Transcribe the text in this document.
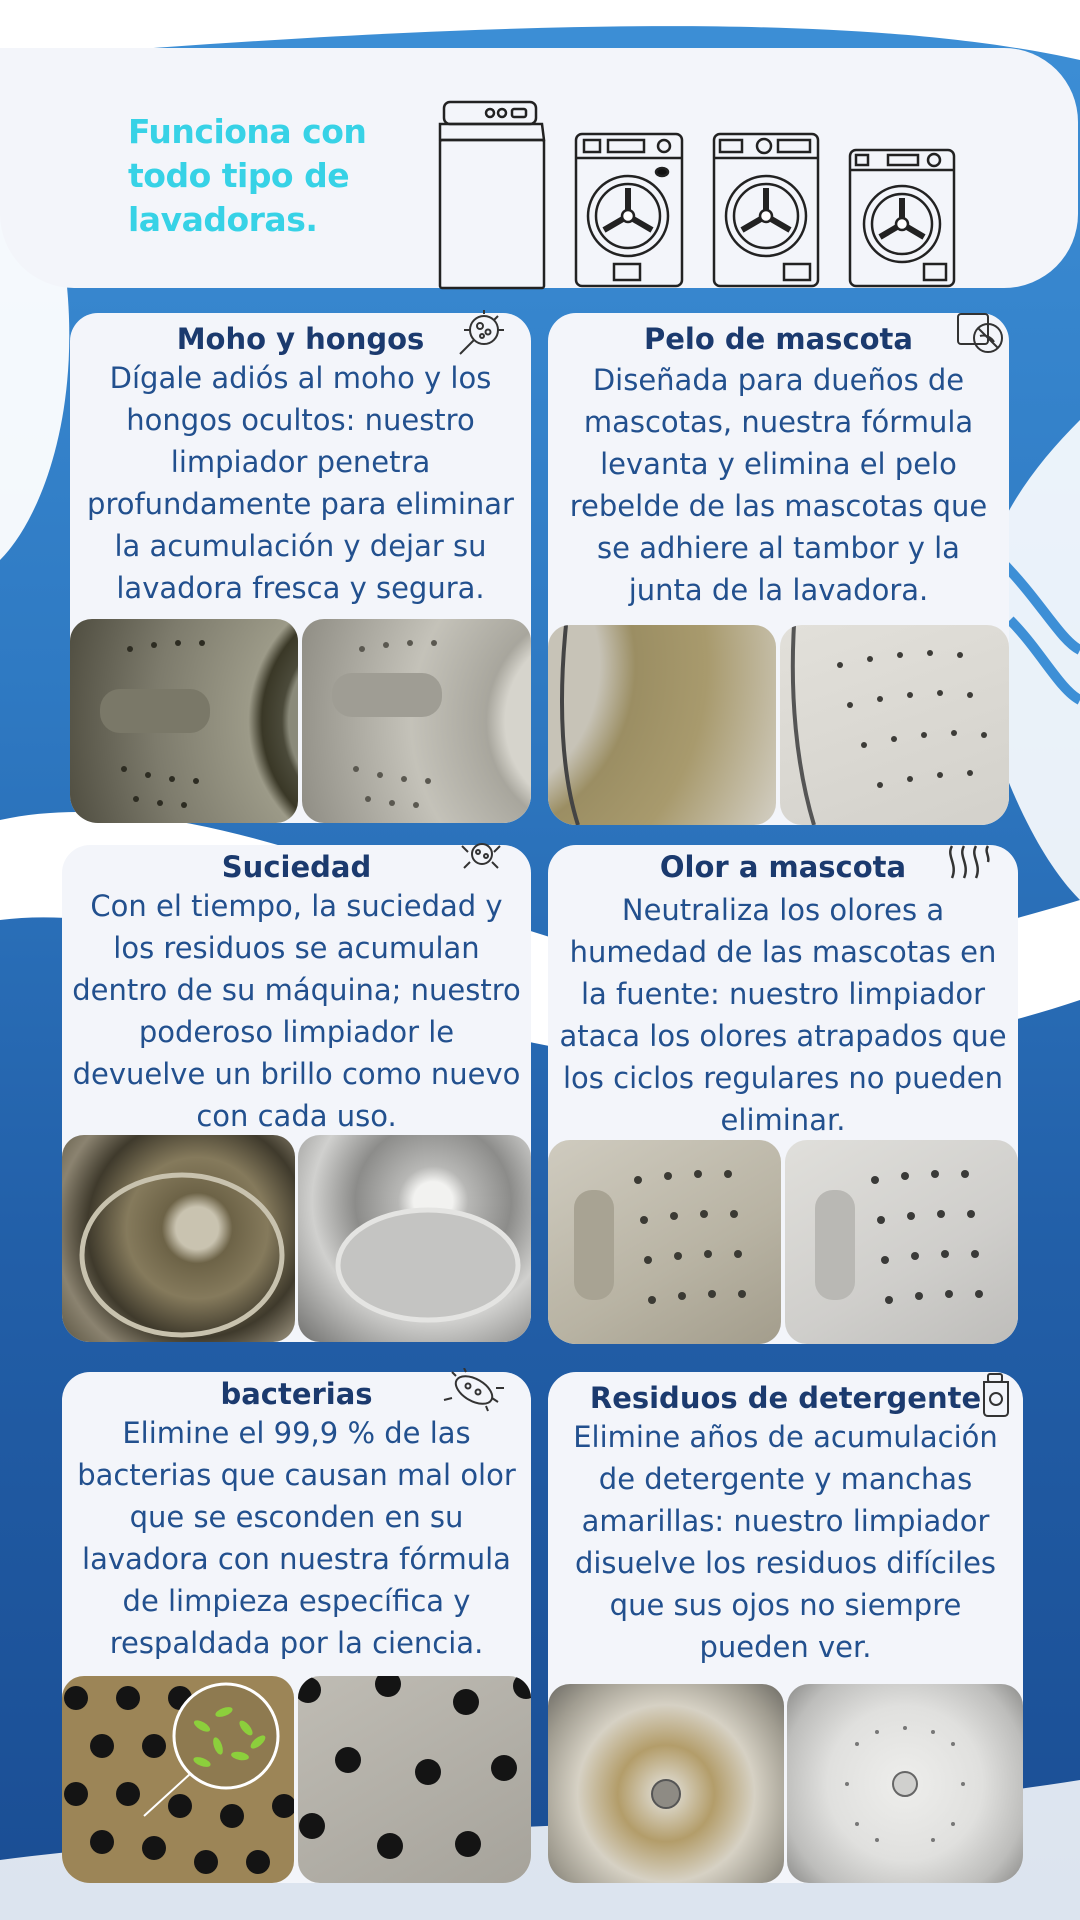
Funciona con todo tipo de lavadoras.
Moho y hongos
Dígale adiós al moho y los hongos ocultos: nuestro limpiador penetra profundamente para eliminar la acumulación y dejar su lavadora fresca y segura.
Pelo de mascota
Diseñada para dueños de mascotas, nuestra fórmula levanta y elimina el pelo rebelde de las mascotas que se adhiere al tambor y la junta de la lavadora.
Suciedad
Con el tiempo, la suciedad y los residuos se acumulan dentro de su máquina; nuestro poderoso limpiador le devuelve un brillo como nuevo con cada uso.
Olor a mascota
Neutraliza los olores a humedad de las mascotas en la fuente: nuestro limpiador ataca los olores atrapados que los ciclos regulares no pueden eliminar.
bacterias
Elimine el 99,9 % de las bacterias que causan mal olor que se esconden en su lavadora con nuestra fórmula de limpieza específica y respaldada por la ciencia.
Residuos de detergente
Elimine años de acumulación de detergente y manchas amarillas: nuestro limpiador disuelve los residuos difíciles que sus ojos no siempre pueden ver.
